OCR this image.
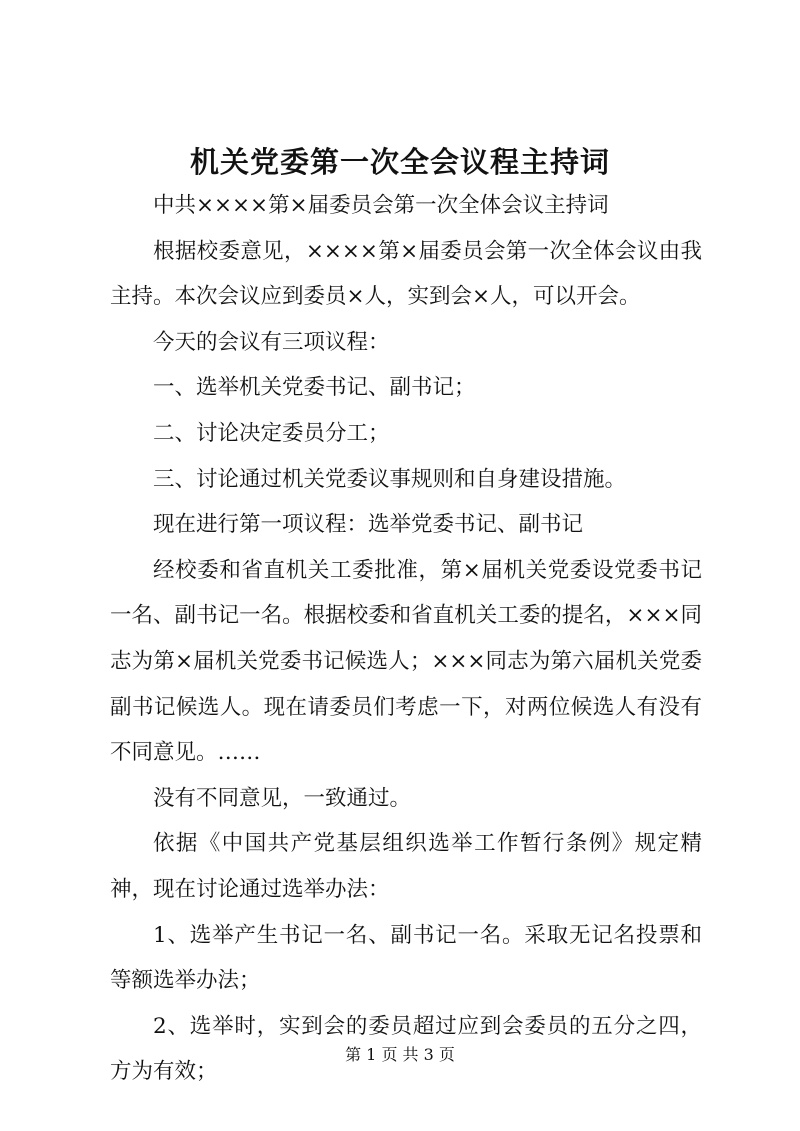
机关党委第一次全会议程主持词

中共××××第×届委员会第一次全体会议主持词

根据校委意见，××××第×届委员会第一次全体会议由我主持。本次会议应到委员×人，实到会×人，可以开会。

今天的会议有三项议程：

一、选举机关党委书记、副书记；

二、讨论决定委员分工；

三、讨论通过机关党委议事规则和自身建设措施。

现在进行第一项议程：选举党委书记、副书记

经校委和省直机关工委批准，第×届机关党委设党委书记一名、副书记一名。根据校委和省直机关工委的提名，×××同志为第×届机关党委书记候选人；×××同志为第六届机关党委副书记候选人。现在请委员们考虑一下，对两位候选人有没有不同意见。……

没有不同意见，一致通过。

依据《中国共产党基层组织选举工作暂行条例》规定精神，现在讨论通过选举办法：

1、选举产生书记一名、副书记一名。采取无记名投票和等额选举办法；

2、选举时，实到会的委员超过应到会委员的五分之四，方为有效；

第 1 页 共 3 页
